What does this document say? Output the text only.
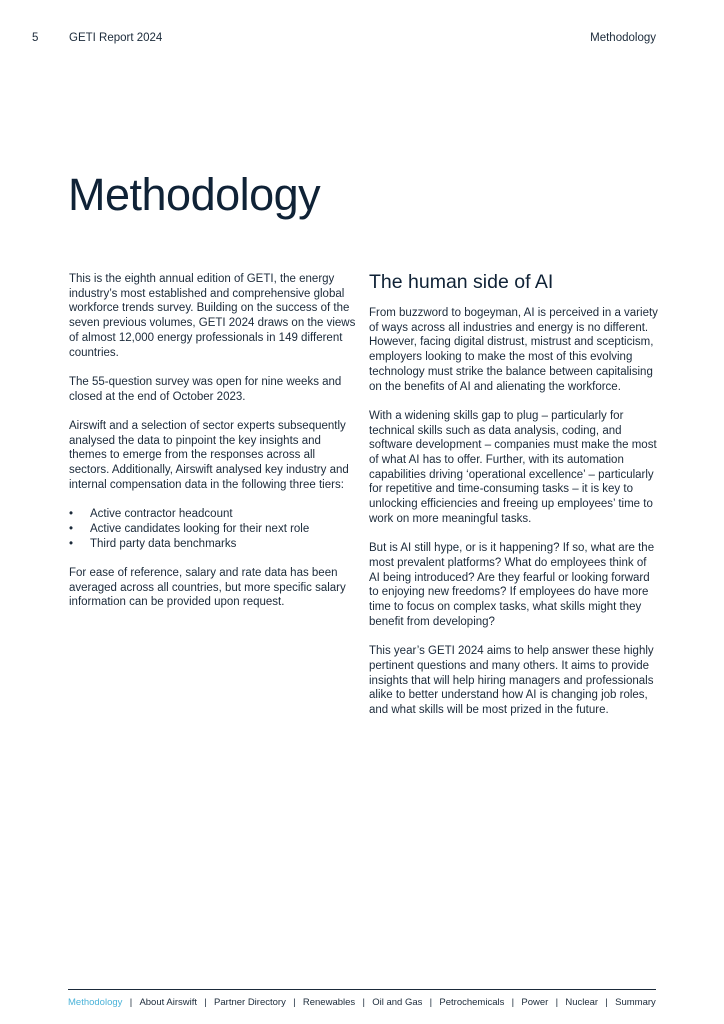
5	GETI Report 2024	Methodology
Methodology

This is the eighth annual edition of GETI, the energy industry’s most established and comprehensive global workforce trends survey. Building on the success of the seven previous volumes, GETI 2024 draws on the views of almost 12,000 energy professionals in 149 different countries.

The 55-question survey was open for nine weeks and closed at the end of October 2023.

Airswift and a selection of sector experts subsequently analysed the data to pinpoint the key insights and themes to emerge from the responses across all sectors. Additionally, Airswift analysed key industry and internal compensation data in the following three tiers:

• Active contractor headcount
• Active candidates looking for their next role
• Third party data benchmarks

For ease of reference, salary and rate data has been averaged across all countries, but more specific salary information can be provided upon request.

The human side of AI

From buzzword to bogeyman, AI is perceived in a variety of ways across all industries and energy is no different. However, facing digital distrust, mistrust and scepticism, employers looking to make the most of this evolving technology must strike the balance between capitalising on the benefits of AI and alienating the workforce.

With a widening skills gap to plug – particularly for technical skills such as data analysis, coding, and software development – companies must make the most of what AI has to offer. Further, with its automation capabilities driving ‘operational excellence’ – particularly for repetitive and time-consuming tasks – it is key to unlocking efficiencies and freeing up employees’ time to work on more meaningful tasks.

But is AI still hype, or is it happening? If so, what are the most prevalent platforms? What do employees think of AI being introduced? Are they fearful or looking forward to enjoying new freedoms? If employees do have more time to focus on complex tasks, what skills might they benefit from developing?

This year’s GETI 2024 aims to help answer these highly pertinent questions and many others. It aims to provide insights that will help hiring managers and professionals alike to better understand how AI is changing job roles, and what skills will be most prized in the future.

Methodology | About Airswift | Partner Directory | Renewables | Oil and Gas | Petrochemicals | Power | Nuclear | Summary
